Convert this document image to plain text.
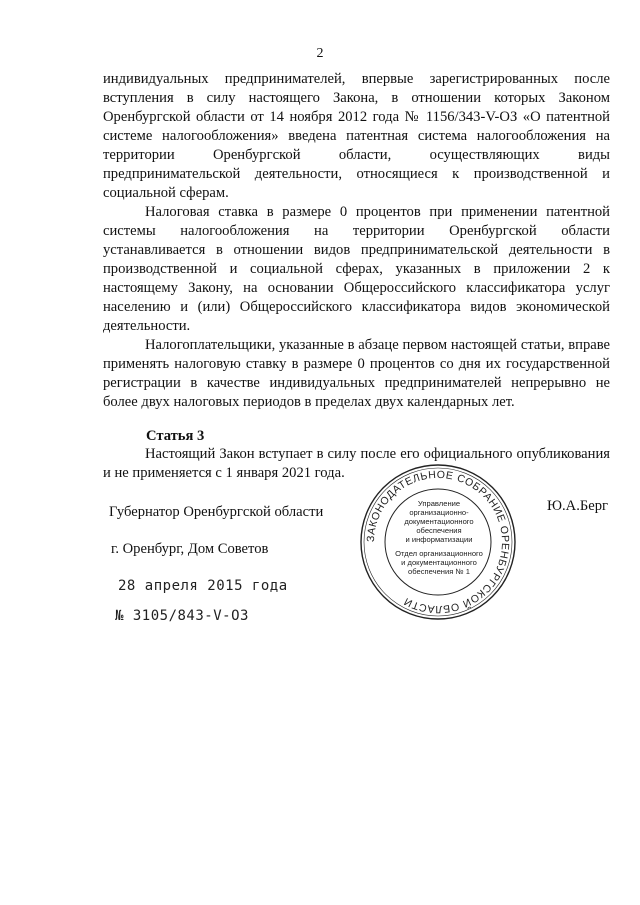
2

индивидуальных предпринимателей, впервые зарегистрированных после вступления в силу настоящего Закона, в отношении которых Законом Оренбургской области от 14 ноября 2012 года № 1156/343-V-ОЗ «О патентной системе налогообложения» введена патентная система налогообложения на территории Оренбургской области, осуществляющих виды предпринимательской деятельности, относящиеся к производственной и социальной сферам.

Налоговая ставка в размере 0 процентов при применении патентной системы налогообложения на территории Оренбургской области устанавливается в отношении видов предпринимательской деятельности в производственной и социальной сферах, указанных в приложении 2 к настоящему Закону, на основании Общероссийского классификатора услуг населению и (или) Общероссийского классификатора видов экономической деятельности.

Налогоплательщики, указанные в абзаце первом настоящей статьи, вправе применять налоговую ставку в размере 0 процентов со дня их государственной регистрации в качестве индивидуальных предпринимателей непрерывно не более двух налоговых периодов в пределах двух календарных лет.

Статья 3
Настоящий Закон вступает в силу после его официального опубликования и не применяется с 1 января 2021 года.
Губернатор Оренбургской области	Ю.А.Берг
г. Оренбург, Дом Советов
28 апреля 2015 года
№ 3105/843-V-ОЗ
ЗАКОНОДАТЕЛЬНОЕ СОБРАНИЕ ОРЕНБУРГСКОЙ ОБЛАСТИ
Управление
организационно-
документационного
обеспечения
и информатизации
Отдел организационного
и документационного
обеспечения № 1
